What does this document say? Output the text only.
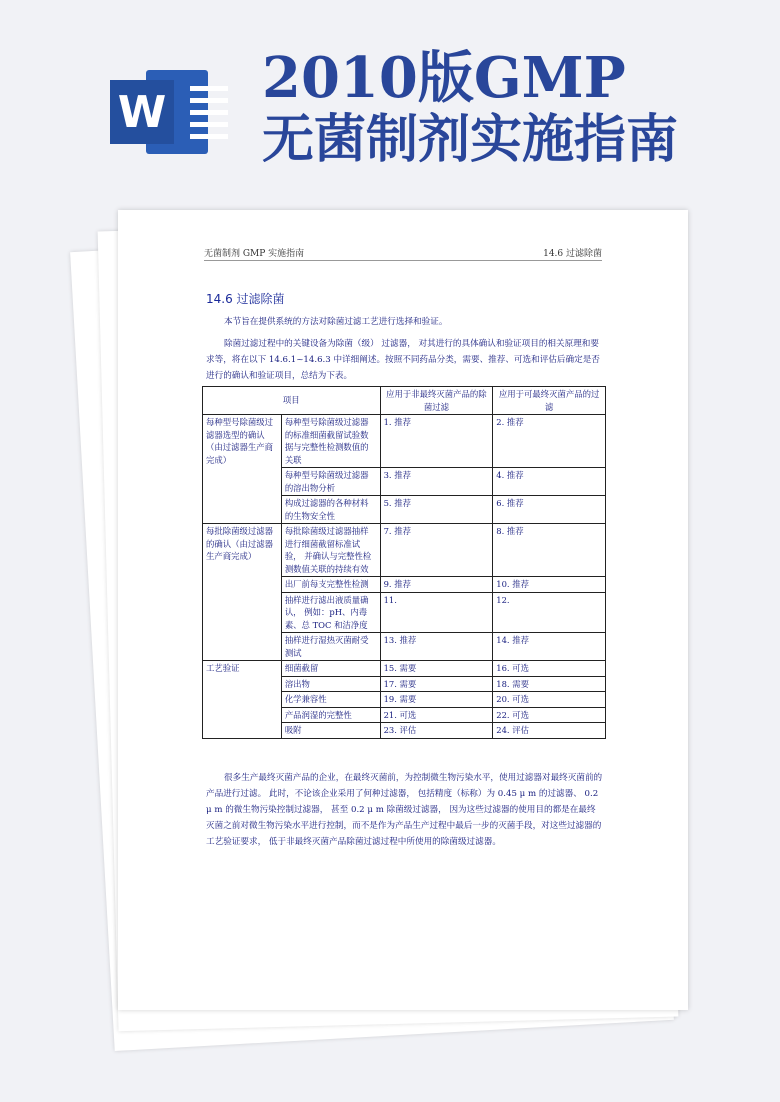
W
2010版GMP
无菌制剂实施指南
无菌制剂 GMP 实施指南	14.6 过滤除菌
14.6 过滤除菌
本节旨在提供系统的方法对除菌过滤工艺进行选择和验证。
除菌过滤过程中的关键设备为除菌（级） 过滤器， 对其进行的具体确认和验证项目的相关原理和要求等，将在以下 14.6.1~14.6.3 中详细阐述。按照不同药品分类，需要、推荐、可选和评估后确定是否进行的确认和验证项目，总结为下表。
项目		应用于非最终灭菌产品的除菌过滤	应用于可最终灭菌产品的过滤
每种型号除菌级过滤器选型的确认（由过滤器生产商完成）	每种型号除菌级过滤器的标准细菌截留试验数据与完整性检测数值的关联	1. 推荐	2. 推荐
	每种型号除菌级过滤器的溶出物分析	3. 推荐	4. 推荐
	构成过滤器的各种材料的生物安全性	5. 推荐	6. 推荐
每批除菌级过滤器的确认（由过滤器生产商完成）	每批除菌级过滤器抽样进行细菌截留标准试验， 并确认与完整性检测数值关联的持续有效	7. 推荐	8. 推荐
	出厂前每支完整性检测	9. 推荐	10. 推荐
	抽样进行滤出液质量确认， 例如：pH、内毒素、总 TOC 和洁净度	11.	12.
	抽样进行湿热灭菌耐受测试	13. 推荐	14. 推荐
工艺验证	细菌截留	15. 需要	16. 可选
	溶出物	17. 需要	18. 需要
	化学兼容性	19. 需要	20. 可选
	产品润湿的完整性	21. 可选	22. 可选
	吸附	23. 评估	24. 评估
很多生产最终灭菌产品的企业，在最终灭菌前，为控制微生物污染水平，使用过滤器对最终灭菌前的产品进行过滤。 此时，不论该企业采用了何种过滤器， 包括精度（标称）为 0.45 μ m 的过滤器、 0.2 μ m 的微生物污染控制过滤器， 甚至 0.2 μ m 除菌级过滤器， 因为这些过滤器的使用目的都是在最终灭菌之前对微生物污染水平进行控制，而不是作为产品生产过程中最后一步的灭菌手段，对这些过滤器的工艺验证要求， 低于非最终灭菌产品除菌过滤过程中所使用的除菌级过滤器。
